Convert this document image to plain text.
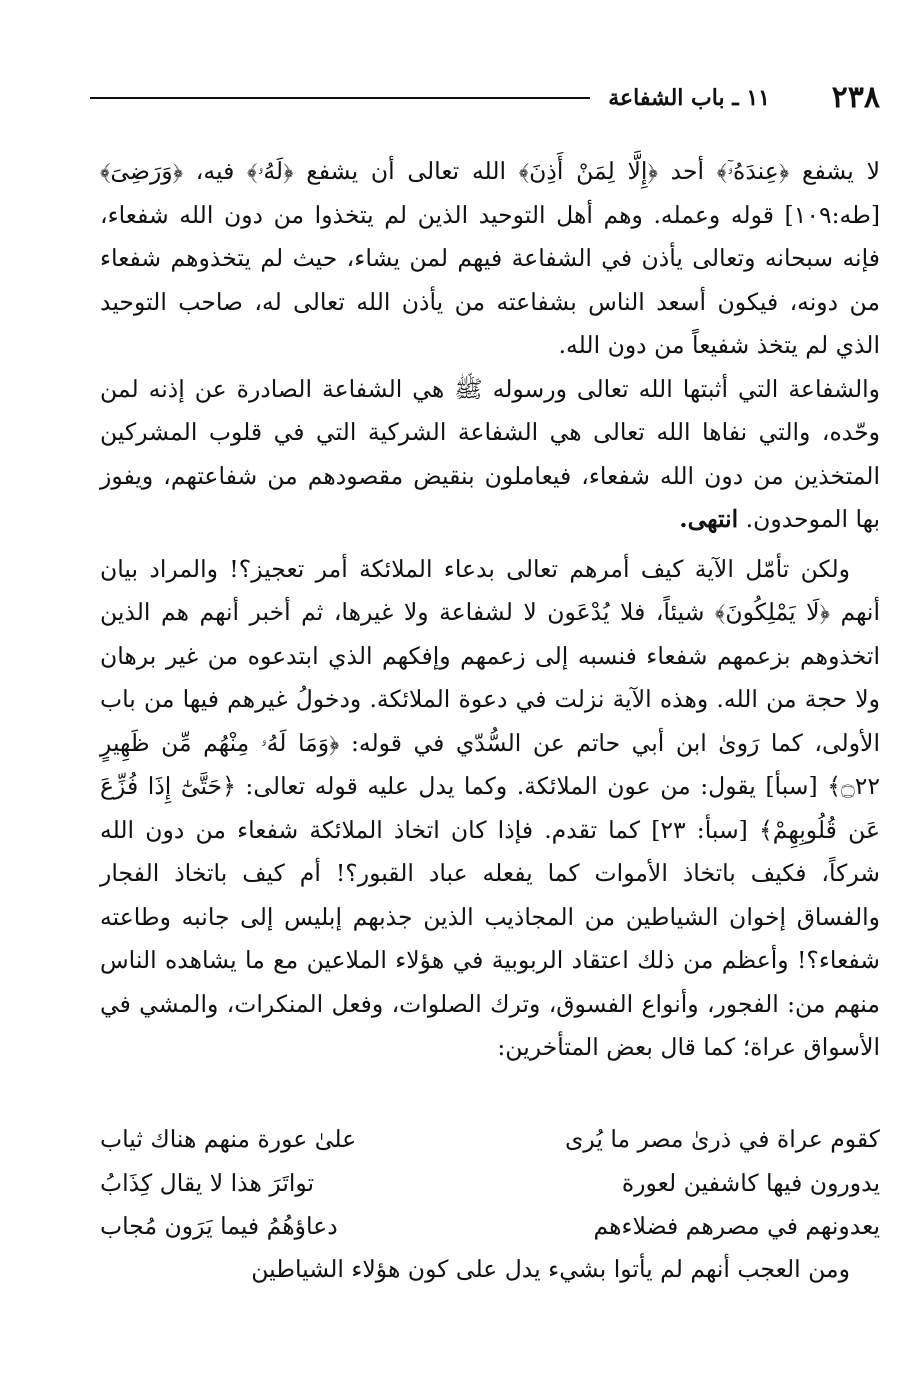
٢٣٨
١١ ـ باب الشفاعة

لا يشفع ﴿عِندَهُۥٓ﴾ أحد ﴿إِلَّا لِمَنْ أَذِنَ﴾ الله تعالى أن يشفع ﴿لَهُۥ﴾ فيه، ﴿وَرَضِىَ﴾ [طه:١٠٩] قوله وعمله. وهم أهل التوحيد الذين لم يتخذوا من دون الله شفعاء، فإنه سبحانه وتعالى يأذن في الشفاعة فيهم لمن يشاء، حيث لم يتخذوهم شفعاء من دونه، فيكون أسعد الناس بشفاعته من يأذن الله تعالى له، صاحب التوحيد الذي لم يتخذ شفيعاً من دون الله.

والشفاعة التي أثبتها الله تعالى ورسوله ﷺ هي الشفاعة الصادرة عن إذنه لمن وحّده، والتي نفاها الله تعالى هي الشفاعة الشركية التي في قلوب المشركين المتخذين من دون الله شفعاء، فيعاملون بنقيض مقصودهم من شفاعتهم، ويفوز بها الموحدون. انتهى.

ولكن تأمّل الآية كيف أمرهم تعالى بدعاء الملائكة أمر تعجيز؟! والمراد بيان أنهم ﴿لَا يَمْلِكُونَ﴾ شيئاً، فلا يُدْعَون لا لشفاعة ولا غيرها، ثم أخبر أنهم هم الذين اتخذوهم بزعمهم شفعاء فنسبه إلى زعمهم وإفكهم الذي ابتدعوه من غير برهان ولا حجة من الله. وهذه الآية نزلت في دعوة الملائكة. ودخولُ غيرهم فيها من باب الأولى، كما رَوىٰ ابن أبي حاتم عن السُّدّي في قوله: ﴿وَمَا لَهُۥ مِنْهُم مِّن ظَهِيرٍ ۝٢٢﴾ [سبأ] يقول: من عون الملائكة. وكما يدل عليه قوله تعالى: ﴿حَتَّىٰٓ إِذَا فُزِّعَ عَن قُلُوبِهِمْ﴾ [سبأ: ٢٣] كما تقدم. فإذا كان اتخاذ الملائكة شفعاء من دون الله شركاً، فكيف باتخاذ الأموات كما يفعله عباد القبور؟! أم كيف باتخاذ الفجار والفساق إخوان الشياطين من المجاذيب الذين جذبهم إبليس إلى جانبه وطاعته شفعاء؟! وأعظم من ذلك اعتقاد الربوبية في هؤلاء الملاعين مع ما يشاهده الناس منهم من: الفجور، وأنواع الفسوق، وترك الصلوات، وفعل المنكرات، والمشي في الأسواق عراة؛ كما قال بعض المتأخرين:

كقوم عراة في ذرىٰ مصر ما يُرى
علىٰ عورة منهم هناك ثياب
يدورون فيها كاشفين لعورة
تواتَرَ هذا لا يقال كِذَابُ
يعدونهم في مصرهم فضلاءهم
دعاؤهُمُ فيما يَرَون مُجاب
ومن العجب أنهم لم يأتوا بشيء يدل على كون هؤلاء الشياطين
